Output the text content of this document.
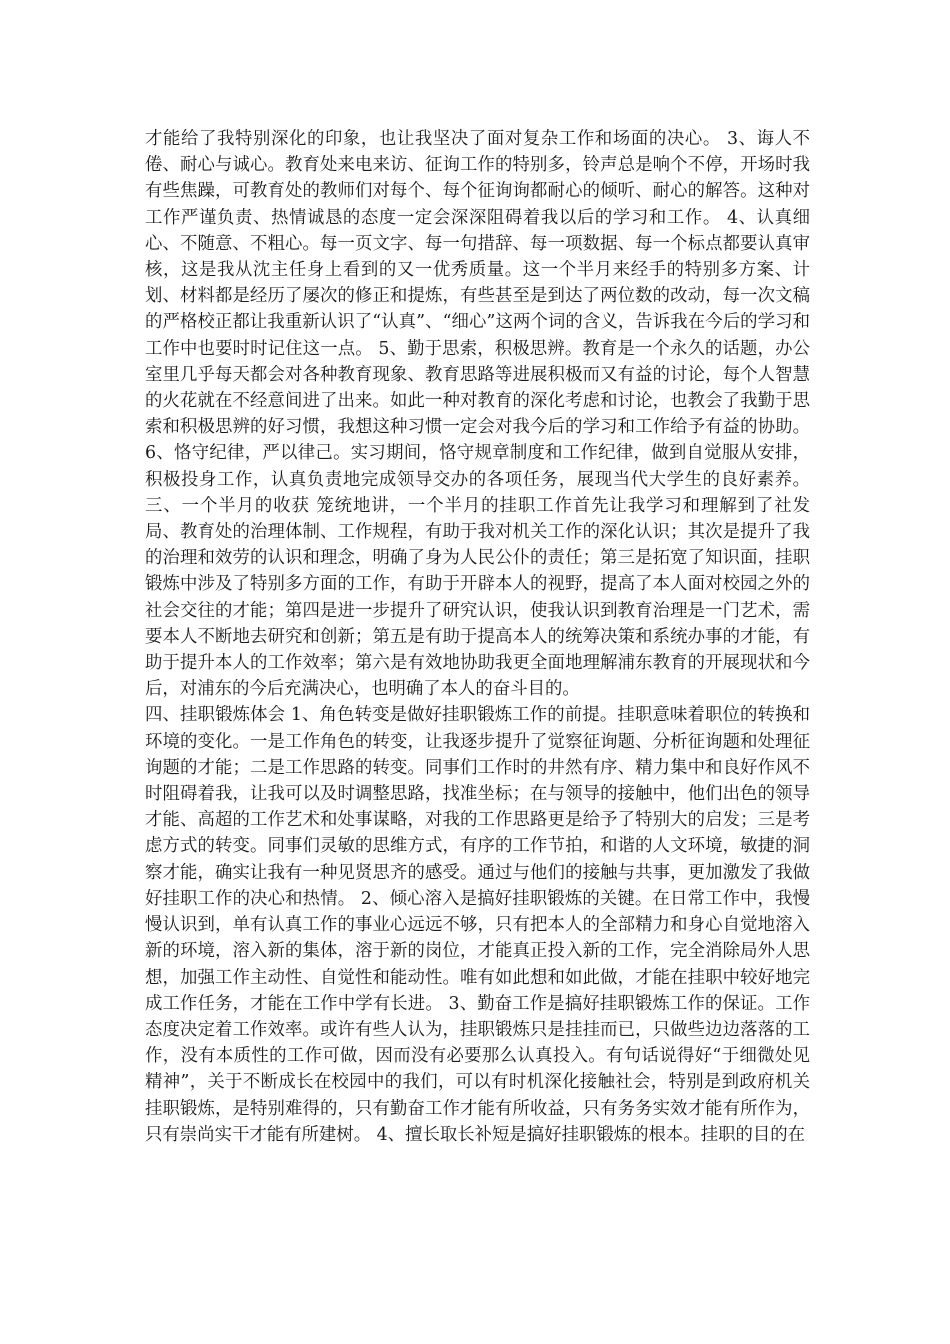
才能给了我特别深化的印象，也让我坚决了面对复杂工作和场面的决心。 3、诲人不倦、耐心与诚心。教育处来电来访、征询工作的特别多，铃声总是响个不停，开场时我有些焦躁，可教育处的教师们对每个、每个征询询都耐心的倾听、耐心的解答。这种对工作严谨负责、热情诚恳的态度一定会深深阻碍着我以后的学习和工作。 4、认真细心、不随意、不粗心。每一页文字、每一句措辞、每一项数据、每一个标点都要认真审核，这是我从沈主任身上看到的又一优秀质量。这一个半月来经手的特别多方案、计划、材料都是经历了屡次的修正和提炼，有些甚至是到达了两位数的改动，每一次文稿的严格校正都让我重新认识了“认真”、“细心”这两个词的含义，告诉我在今后的学习和工作中也要时时记住这一点。 5、勤于思索，积极思辨。教育是一个永久的话题，办公室里几乎每天都会对各种教育现象、教育思路等进展积极而又有益的讨论，每个人智慧的火花就在不经意间进了出来。如此一种对教育的深化考虑和讨论，也教会了我勤于思索和积极思辨的好习惯，我想这种习惯一定会对我今后的学习和工作给予有益的协助。 6、恪守纪律，严以律己。实习期间，恪守规章制度和工作纪律，做到自觉服从安排，积极投身工作，认真负责地完成领导交办的各项任务，展现当代大学生的良好素养。 三、一个半月的收获 笼统地讲，一个半月的挂职工作首先让我学习和理解到了社发局、教育处的治理体制、工作规程，有助于我对机关工作的深化认识；其次是提升了我的治理和效劳的认识和理念，明确了身为人民公仆的责任；第三是拓宽了知识面，挂职锻炼中涉及了特别多方面的工作，有助于开辟本人的视野，提高了本人面对校园之外的社会交往的才能；第四是进一步提升了研究认识，使我认识到教育治理是一门艺术，需要本人不断地去研究和创新；第五是有助于提高本人的统筹决策和系统办事的才能，有助于提升本人的工作效率；第六是有效地协助我更全面地理解浦东教育的开展现状和今后，对浦东的今后充满决心，也明确了本人的奋斗目的。

四、挂职锻炼体会 1、角色转变是做好挂职锻炼工作的前提。挂职意味着职位的转换和环境的变化。一是工作角色的转变，让我逐步提升了觉察征询题、分析征询题和处理征询题的才能；二是工作思路的转变。同事们工作时的井然有序、精力集中和良好作风不时阻碍着我，让我可以及时调整思路，找准坐标；在与领导的接触中，他们出色的领导才能、高超的工作艺术和处事谋略，对我的工作思路更是给予了特别大的启发；三是考虑方式的转变。同事们灵敏的思维方式，有序的工作节拍，和谐的人文环境，敏捷的洞察才能，确实让我有一种见贤思齐的感受。通过与他们的接触与共事，更加激发了我做好挂职工作的决心和热情。 2、倾心溶入是搞好挂职锻炼的关键。在日常工作中，我慢慢认识到，单有认真工作的事业心远远不够，只有把本人的全部精力和身心自觉地溶入新的环境，溶入新的集体，溶于新的岗位，才能真正投入新的工作，完全消除局外人思想，加强工作主动性、自觉性和能动性。唯有如此想和如此做，才能在挂职中较好地完成工作任务，才能在工作中学有长进。 3、勤奋工作是搞好挂职锻炼工作的保证。工作态度决定着工作效率。或许有些人认为，挂职锻炼只是挂挂而已，只做些边边落落的工作，没有本质性的工作可做，因而没有必要那么认真投入。有句话说得好“于细微处见精神”，关于不断成长在校园中的我们，可以有时机深化接触社会，特别是到政府机关挂职锻炼，是特别难得的，只有勤奋工作才能有所收益，只有务务实效才能有所作为，只有崇尚实干才能有所建树。 4、擅长取长补短是搞好挂职锻炼的根本。挂职的目的在
